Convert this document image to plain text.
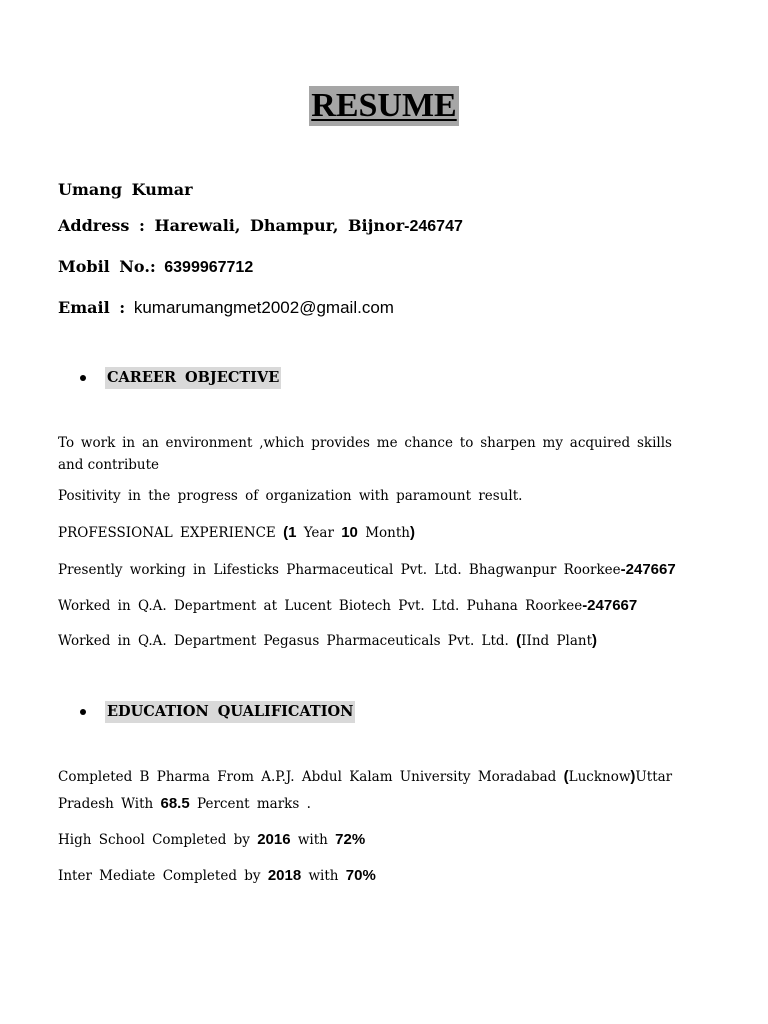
RESUME
Umang Kumar
Address : Harewali, Dhampur, Bijnor-246747
Mobil No.: 6399967712
Email : kumarumangmet2002@gmail.com
CAREER OBJECTIVE
To work in an environment ,which provides me chance to sharpen my acquired skills
and contribute
Positivity in the progress of organization with paramount result.
PROFESSIONAL EXPERIENCE (1 Year 10 Month)
Presently working in Lifesticks Pharmaceutical Pvt. Ltd. Bhagwanpur Roorkee-247667
Worked in Q.A. Department at Lucent Biotech Pvt. Ltd. Puhana Roorkee-247667
Worked in Q.A. Department Pegasus Pharmaceuticals Pvt. Ltd. (IInd Plant)
EDUCATION QUALIFICATION
Completed B Pharma From A.P.J. Abdul Kalam University Moradabad (Lucknow)Uttar
Pradesh With 68.5 Percent marks .
High School Completed by 2016 with 72%
Inter Mediate Completed by 2018 with 70%
